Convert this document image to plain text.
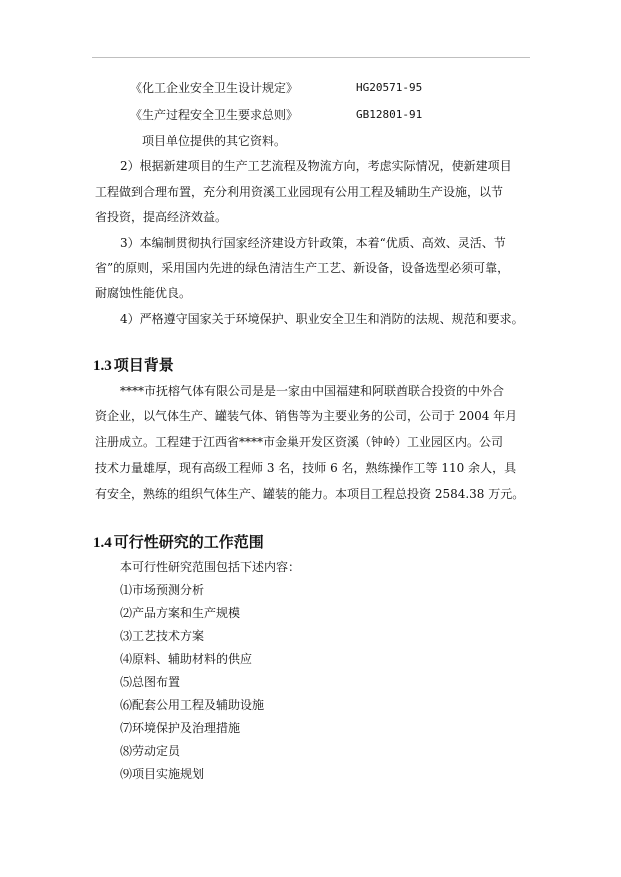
《化工企业安全卫生设计规定》	HG20571-95
《生产过程安全卫生要求总则》	GB12801-91
项目单位提供的其它资料。
2）根据新建项目的生产工艺流程及物流方向，考虑实际情况，使新建项目
工程做到合理布置，充分利用资溪工业园现有公用工程及辅助生产设施，以节
省投资，提高经济效益。
3）本编制贯彻执行国家经济建设方针政策，本着“优质、高效、灵活、节
省”的原则，采用国内先进的绿色清洁生产工艺、新设备，设备选型必须可靠，
耐腐蚀性能优良。
4）严格遵守国家关于环境保护、职业安全卫生和消防的法规、规范和要求。
1.3 项目背景
****市抚榕气体有限公司是是一家由中国福建和阿联酋联合投资的中外合
资企业，以气体生产、罐装气体、销售等为主要业务的公司，公司于 2004 年月
注册成立。工程建于江西省****市金巢开发区资溪（钟岭）工业园区内。公司
技术力量雄厚，现有高级工程师 3 名，技师 6 名，熟练操作工等 110 余人，具
有安全，熟练的组织气体生产、罐装的能力。本项目工程总投资 2584.38 万元。
1.4 可行性研究的工作范围
本可行性研究范围包括下述内容：
⑴市场预测分析
⑵产品方案和生产规模
⑶工艺技术方案
⑷原料、辅助材料的供应
⑸总图布置
⑹配套公用工程及辅助设施
⑺环境保护及治理措施
⑻劳动定员
⑼项目实施规划
